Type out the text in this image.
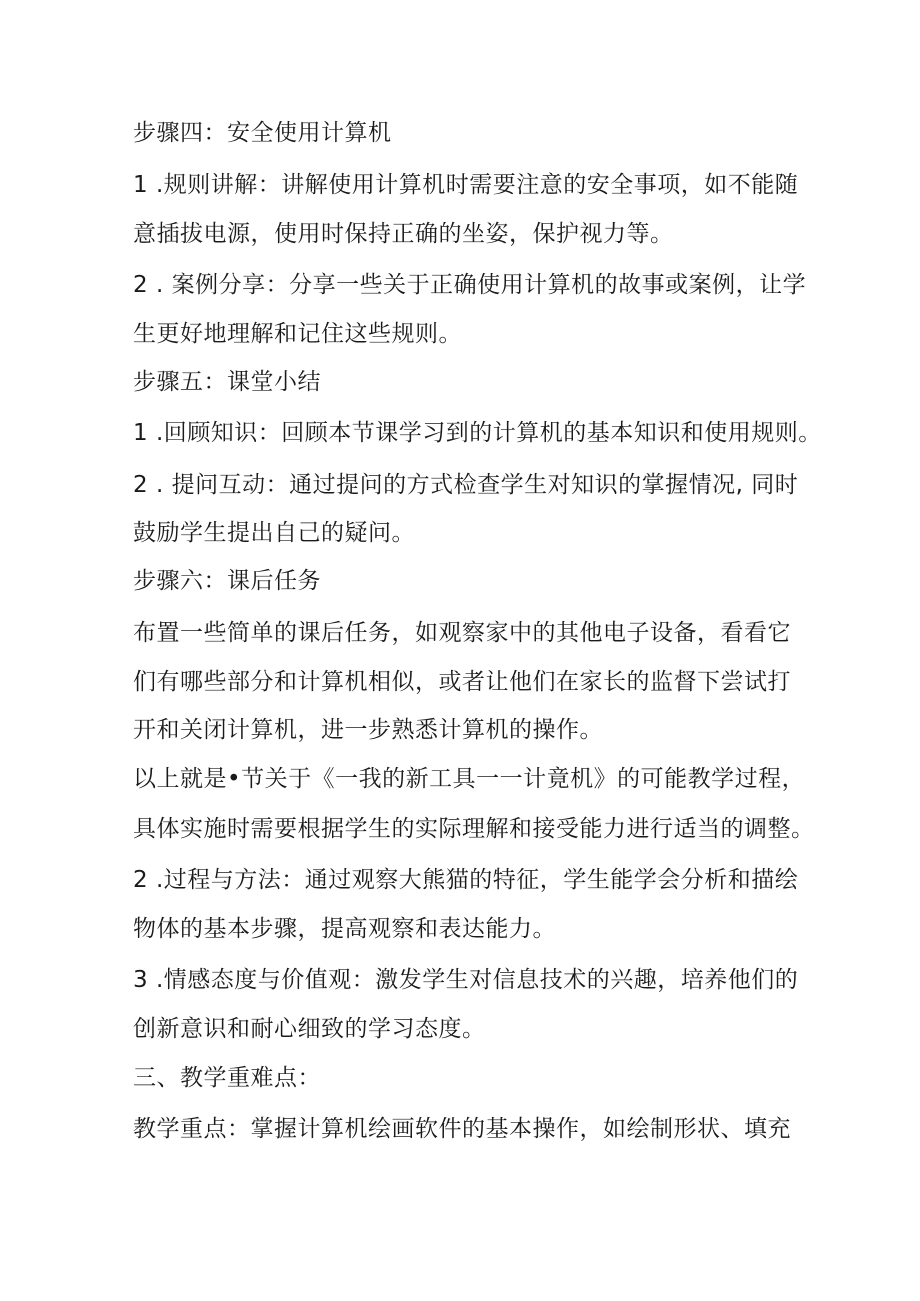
步骤四：安全使用计算机
1 .规则讲解：讲解使用计算机时需要注意的安全事项，如不能随
意插拔电源，使用时保持正确的坐姿，保护视力等。
2 . 案例分享：分享一些关于正确使用计算机的故事或案例，让学
生更好地理解和记住这些规则。
步骤五：课堂小结
1 .回顾知识：回顾本节课学习到的计算机的基本知识和使用规则。
2 . 提问互动：通过提问的方式检查学生对知识的掌握情况, 同时
鼓励学生提出自己的疑问。
步骤六：课后任务
布置一些简单的课后任务，如观察家中的其他电子设备，看看它
们有哪些部分和计算机相似，或者让他们在家长的监督下尝试打
开和关闭计算机，进一步熟悉计算机的操作。
以上就是•节关于《一我的新工具一一计竟机》的可能教学过程，
具体实施时需要根据学生的实际理解和接受能力进行适当的调整。
2 .过程与方法：通过观察大熊猫的特征，学生能学会分析和描绘
物体的基本步骤，提高观察和表达能力。
3 .情感态度与价值观：激发学生对信息技术的兴趣，培养他们的
创新意识和耐心细致的学习态度。
三、教学重难点：
教学重点：掌握计算机绘画软件的基本操作，如绘制形状、填充
